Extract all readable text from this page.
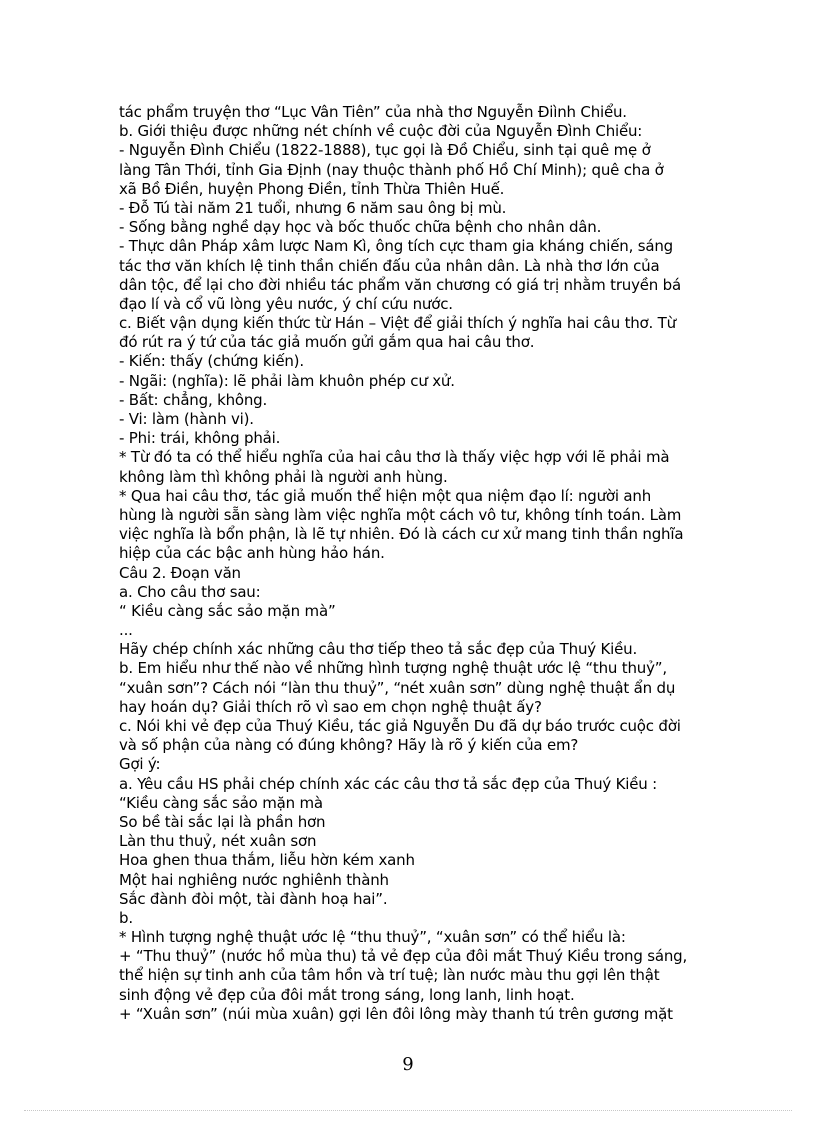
tác phẩm truyện thơ “Lục Vân Tiên” của nhà thơ Nguyễn Điình Chiểu.
b. Giới thiệu được những nét chính về cuộc đời của Nguyễn Đình Chiểu:
- Nguyễn Đình Chiểu (1822-1888), tục gọi là Đồ Chiểu, sinh tại quê mẹ ở
làng Tân Thới, tỉnh Gia Định (nay thuộc thành phố Hồ Chí Minh); quê cha ở
xã Bồ Điền, huyện Phong Điền, tỉnh Thừa Thiên Huế.
- Đỗ Tú tài năm 21 tuổi, nhưng 6 năm sau ông bị mù.
- Sống bằng nghề dạy học và bốc thuốc chữa bệnh cho nhân dân.
- Thực dân Pháp xâm lược Nam Kì, ông tích cực tham gia kháng chiến, sáng
tác thơ văn khích lệ tinh thần chiến đấu của nhân dân. Là nhà thơ lớn của
dân tộc, để lại cho đời nhiều tác phẩm văn chương có giá trị nhằm truyền bá
đạo lí và cổ vũ lòng yêu nước, ý chí cứu nước.
c. Biết vận dụng kiến thức từ Hán – Việt để giải thích ý nghĩa hai câu thơ. Từ
đó rút ra ý tứ của tác giả muốn gửi gắm qua hai câu thơ.
- Kiến: thấy (chứng kiến).
- Ngãi: (nghĩa): lẽ phải làm khuôn phép cư xử.
- Bất: chẳng, không.
- Vi: làm (hành vi).
- Phi: trái, không phải.
* Từ đó ta có thể hiểu nghĩa của hai câu thơ là thấy việc hợp với lẽ phải mà
không làm thì không phải là người anh hùng.
* Qua hai câu thơ, tác giả muốn thể hiện một qua niệm đạo lí: người anh
hùng là người sẵn sàng làm việc nghĩa một cách vô tư, không tính toán. Làm
việc nghĩa là bổn phận, là lẽ tự nhiên. Đó là cách cư xử mang tinh thần nghĩa
hiệp của các bậc anh hùng hảo hán.
Câu 2. Đoạn văn
a. Cho câu thơ sau:
“ Kiều càng sắc sảo mặn mà”
...
Hãy chép chính xác những câu thơ tiếp theo tả sắc đẹp của Thuý Kiều.
b. Em hiểu như thế nào về những hình tượng nghệ thuật ước lệ “thu thuỷ”,
“xuân sơn”? Cách nói “làn thu thuỷ”, “nét xuân sơn” dùng nghệ thuật ẩn dụ
hay hoán dụ? Giải thích rõ vì sao em chọn nghệ thuật ấy?
c. Nói khi vẻ đẹp của Thuý Kiều, tác giả Nguyễn Du đã dự báo trước cuộc đời
và số phận của nàng có đúng không? Hãy là rõ ý kiến của em?
Gợi ý:
a. Yêu cầu HS phải chép chính xác các câu thơ tả sắc đẹp của Thuý Kiều :
“Kiều càng sắc sảo mặn mà
So bề tài sắc lại là phần hơn
Làn thu thuỷ, nét xuân sơn
Hoa ghen thua thắm, liễu hờn kém xanh
Một hai nghiêng nước nghiênh thành
Sắc đành đòi một, tài đành hoạ hai”.
b.
* Hình tượng nghệ thuật ước lệ “thu thuỷ”, “xuân sơn” có thể hiểu là:
+ “Thu thuỷ” (nước hồ mùa thu) tả vẻ đẹp của đôi mắt Thuý Kiều trong sáng,
thể hiện sự tinh anh của tâm hồn và trí tuệ; làn nước màu thu gợi lên thật
sinh động vẻ đẹp của đôi mắt trong sáng, long lanh, linh hoạt.
+ “Xuân sơn” (núi mùa xuân) gợi lên đôi lông mày thanh tú trên gương mặt
9
